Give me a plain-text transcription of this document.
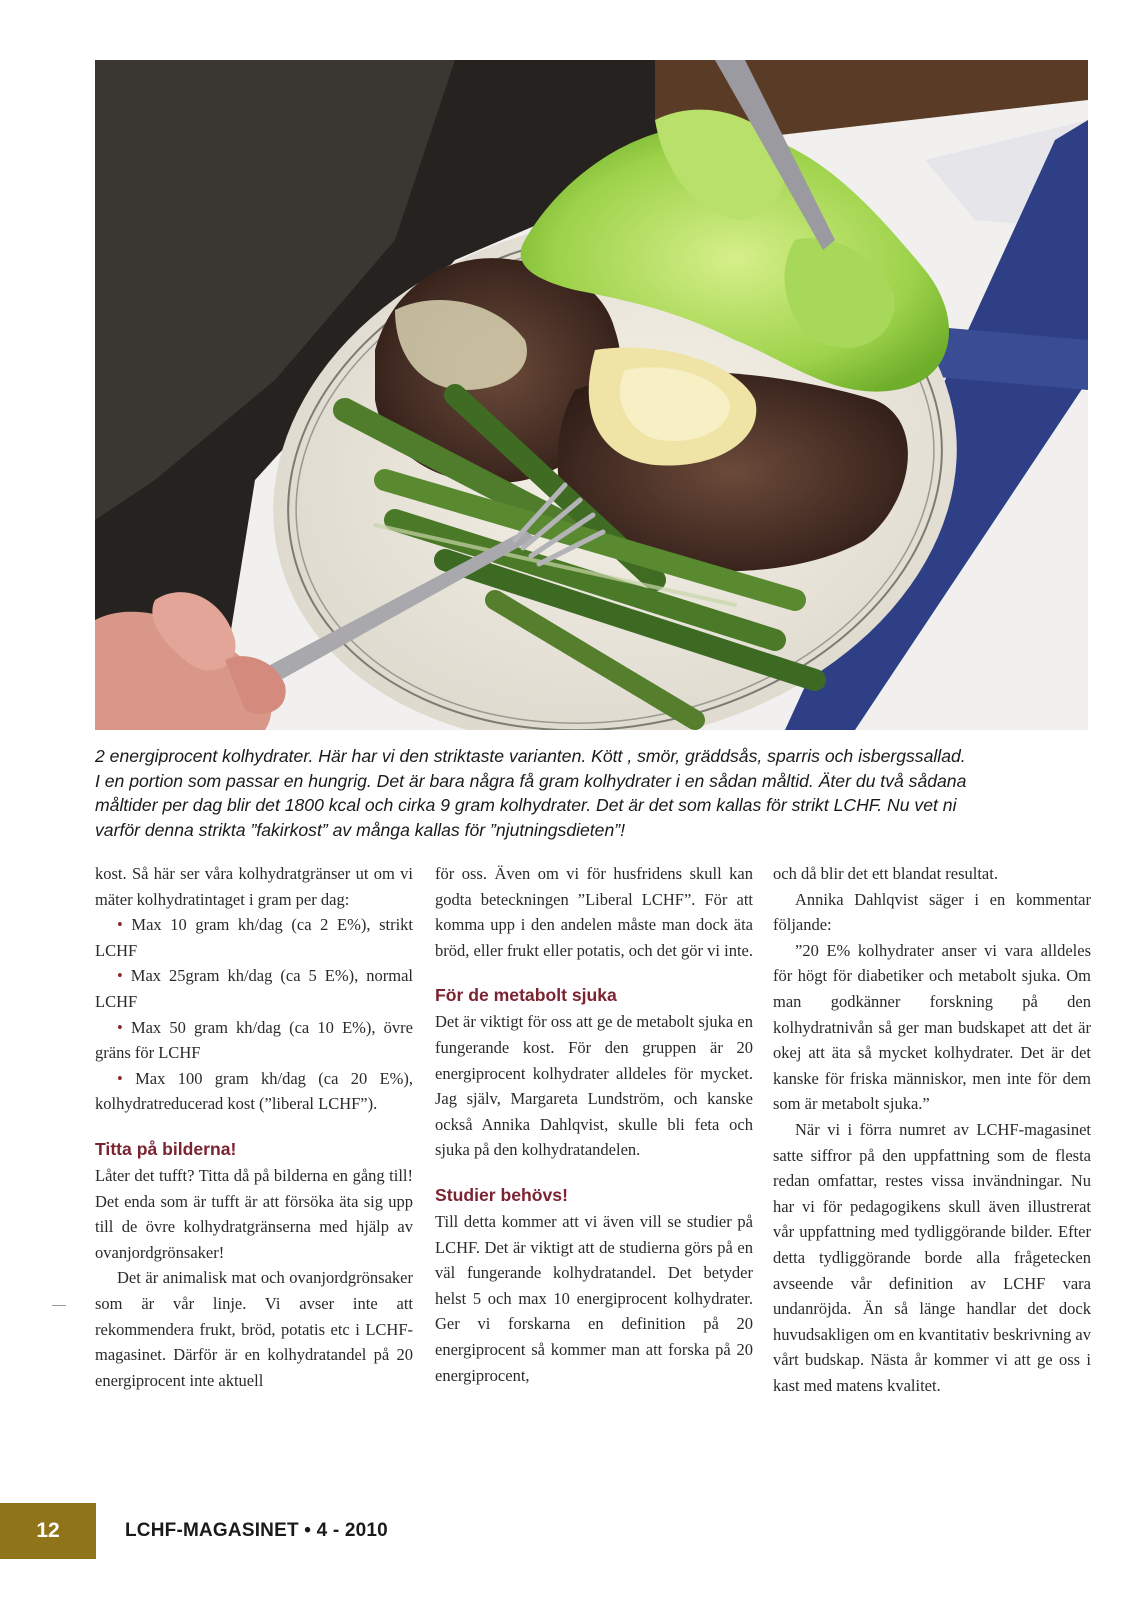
2 energiprocent kolhydrater. Här har vi den striktaste varianten. Kött , smör, gräddsås, sparris och isbergssallad.

I en portion som passar en hungrig. Det är bara några få gram kolhydrater i en sådan måltid. Äter du två sådana

måltider per dag blir det 1800 kcal och cirka 9 gram kolhydrater. Det är det som kallas för strikt LCHF. Nu vet ni

varför denna strikta ”fakirkost” av många kallas för ”njutningsdieten”!

kost. Så här ser våra kolhydratgränser ut om vi mäter kolhydratintaget i gram per dag:

• Max 10 gram kh/dag (ca 2 E%), strikt LCHF

• Max 25gram kh/dag (ca 5 E%), normal LCHF

• Max 50 gram kh/dag (ca 10 E%), övre gräns för LCHF

• Max 100 gram kh/dag (ca 20 E%), kolhydratreducerad kost (”liberal LCHF”).

Titta på bilderna!

Låter det tufft? Titta då på bilderna en gång till! Det enda som är tufft är att försöka äta sig upp till de övre kolhydratgränserna med hjälp av ovanjordgrönsaker!

Det är animalisk mat och ovanjordgrönsaker som är vår linje. Vi avser inte att rekommendera frukt, bröd, potatis etc i LCHF-magasinet. Därför är en kolhydratandel på 20 energiprocent inte aktuell

för oss. Även om vi för husfridens skull kan godta beteckningen ”Liberal LCHF”. För att komma upp i den andelen måste man dock äta bröd, eller frukt eller potatis, och det gör vi inte.

För de metabolt sjuka

Det är viktigt för oss att ge de metabolt sjuka en fungerande kost. För den gruppen är 20 energiprocent kolhydrater alldeles för mycket. Jag själv, Margareta Lundström, och kanske också Annika Dahlqvist, skulle bli feta och sjuka på den kolhydratandelen.

Studier behövs!

Till detta kommer att vi även vill se studier på LCHF. Det är viktigt att de studierna görs på en väl fungerande kolhydratandel. Det betyder helst 5 och max 10 energiprocent kolhydrater. Ger vi forskarna en definition på 20 energiprocent så kommer man att forska på 20 energiprocent,

och då blir det ett blandat resultat.

Annika Dahlqvist säger i en kommentar följande:

”20 E% kolhydrater anser vi vara alldeles för högt för diabetiker och metabolt sjuka. Om man godkänner forskning på den kolhydratnivån så ger man budskapet att det är okej att äta så mycket kolhydrater. Det är det kanske för friska människor, men inte för dem som är metabolt sjuka.”

När vi i förra numret av LCHF-magasinet satte siffror på den uppfattning som de flesta redan omfattar, restes vissa invändningar. Nu har vi för pedagogikens skull även illustrerat vår uppfattning med tydliggörande bilder. Efter detta tydliggörande borde alla frågetecken avseende vår definition av LCHF vara undanröjda. Än så länge handlar det dock huvudsakligen om en kvantitativ beskrivning av vårt budskap. Nästa år kommer vi att ge oss i kast med matens kvalitet.

12	LCHF-MAGASINET • 4 - 2010
